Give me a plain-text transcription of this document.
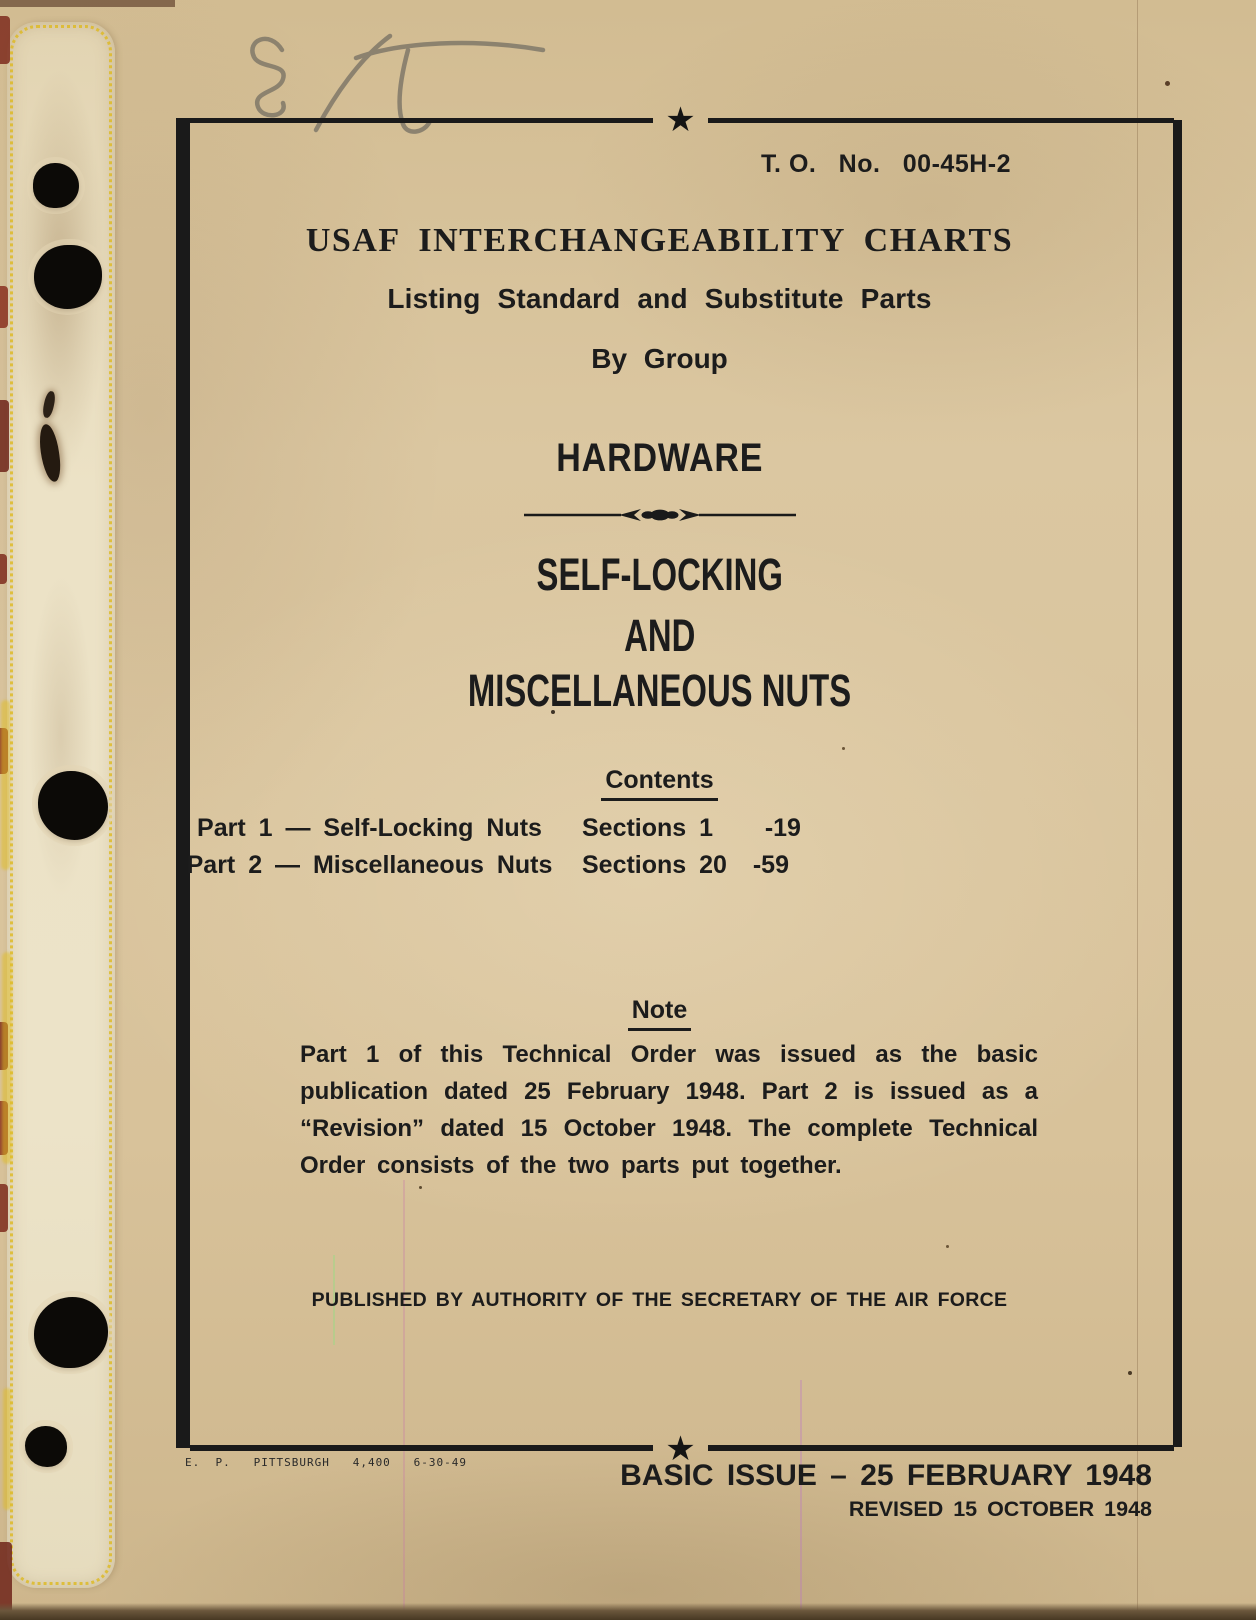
★
★
T. O.   No.   00-45H-2
USAF INTERCHANGEABILITY CHARTS
Listing Standard and Substitute Parts
By Group
HARDWARE
SELF-LOCKING
AND
MISCELLANEOUS NUTS
Contents
Part 1 — Self-Locking Nuts	Sections 1    -19
Part 2 — Miscellaneous Nuts	Sections 20  -59
Note
Part 1 of this Technical Order was issued as the basic publication dated 25 February 1948. Part 2 is issued as a “Revision” dated 15 October 1948. The complete Technical Order consists of the two parts put together.
PUBLISHED BY AUTHORITY OF THE SECRETARY OF THE AIR FORCE
E.  P.   PITTSBURGH   4,400   6-30-49	BASIC ISSUE – 25 FEBRUARY 1948
REVISED 15 OCTOBER 1948
